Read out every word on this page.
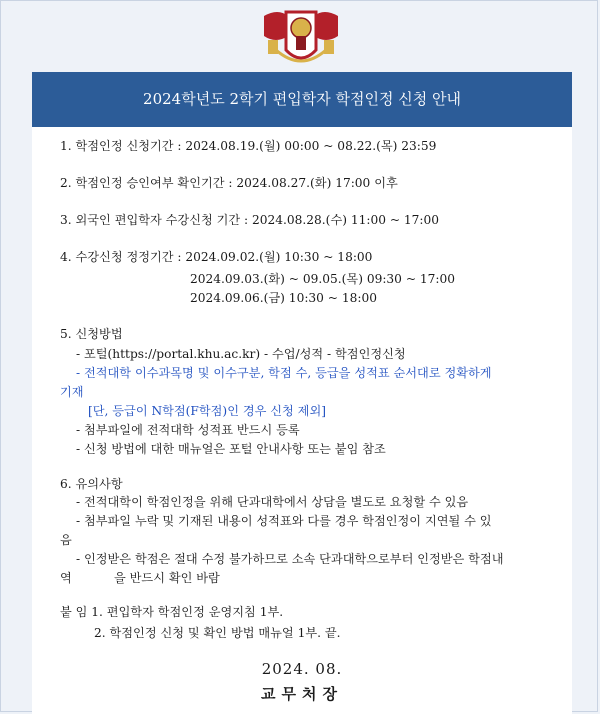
2024학년도 2학기 편입학자 학점인정 신청 안내
1. 학점인정 신청기간 : 2024.08.19.(월) 00:00 ~ 08.22.(목) 23:59
2. 학점인정 승인여부 확인기간 : 2024.08.27.(화) 17:00 이후
3. 외국인 편입학자 수강신청 기간 : 2024.08.28.(수) 11:00 ~ 17:00
4. 수강신청 정정기간 : 2024.09.02.(월) 10:30 ~ 18:00
2024.09.03.(화) ~ 09.05.(목) 09:30 ~ 17:00
2024.09.06.(금) 10:30 ~ 18:00
5. 신청방법
- 포털(https://portal.khu.ac.kr) - 수업/성적 - 학점인정신청
- 전적대학 이수과목명 및 이수구분, 학점 수, 등급을 성적표 순서대로 정확하게
기재
[단, 등급이 N학점(F학점)인 경우 신청 제외]
- 첨부파일에 전적대학 성적표 반드시 등록
- 신청 방법에 대한 매뉴얼은 포털 안내사항 또는 붙임 참조
6. 유의사항
- 전적대학이 학점인정을 위해 단과대학에서 상담을 별도로 요청할 수 있음
- 첨부파일 누락 및 기재된 내용이 성적표와 다를 경우 학점인정이 지연될 수 있
음
- 인정받은 학점은 절대 수정 불가하므로 소속 단과대학으로부터 인정받은 학점내
역	을 반드시 확인 바람
붙 임 1. 편입학자 학점인정 운영지침 1부.
2. 학점인정 신청 및 확인 방법 매뉴얼 1부. 끝.
2024. 08.
교무처장
